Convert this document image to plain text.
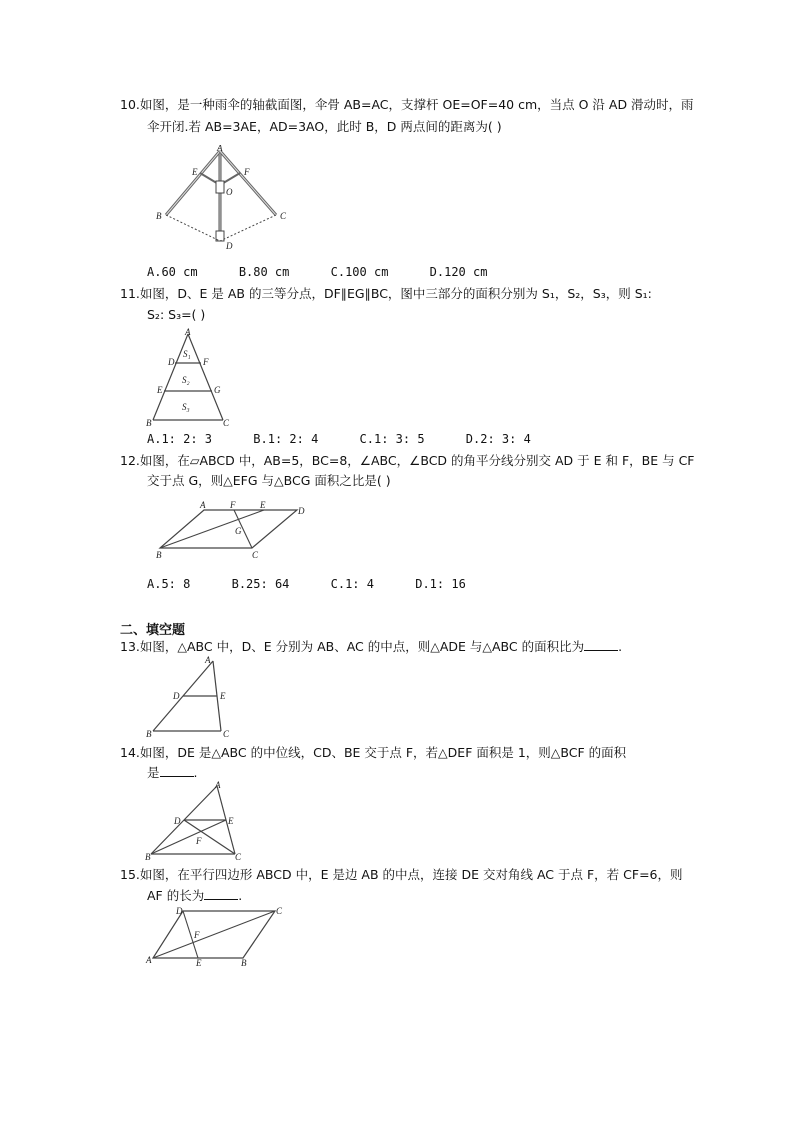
10.如图，是一种雨伞的轴截面图，伞骨 AB=AC，支撑杆 OE=OF=40 cm，当点 O 沿 AD 滑动时，雨
伞开闭.若 AB=3AE，AD=3AO，此时 B，D 两点间的距离为( )
A
E	F
O
B	C
D
A.60 cm	B.80 cm	C.100 cm	D.120 cm
11.如图，D、E 是 AB 的三等分点，DF∥EG∥BC，图中三部分的面积分别为 S₁，S₂，S₃，则 S₁:
S₂: S₃=( )
A
D	F
S₁
S₂
E	G
S₃
B	C
A.1: 2: 3	B.1: 2: 4	C.1: 3: 5	D.2: 3: 4
12.如图，在▱ABCD 中，AB=5，BC=8，∠ABC，∠BCD 的角平分线分别交 AD 于 E 和 F，BE 与 CF
交于点 G，则△EFG 与△BCG 面积之比是( )
A	F	E
D
G
B	C
A.5: 8	B.25: 64	C.1: 4	D.1: 16
二、填空题
13.如图，△ABC 中，D、E 分别为 AB、AC 的中点，则△ADE 与△ABC 的面积比为	.
A
D	E
B	C
14.如图，DE 是△ABC 的中位线，CD、BE 交于点 F，若△DEF 面积是 1，则△BCF 的面积
是	.
A
D	E
F
B	C
15.如图，在平行四边形 ABCD 中，E 是边 AB 的中点，连接 DE 交对角线 AC 于点 F，若 CF=6，则
AF 的长为	.
D	C
F
A	E	B
